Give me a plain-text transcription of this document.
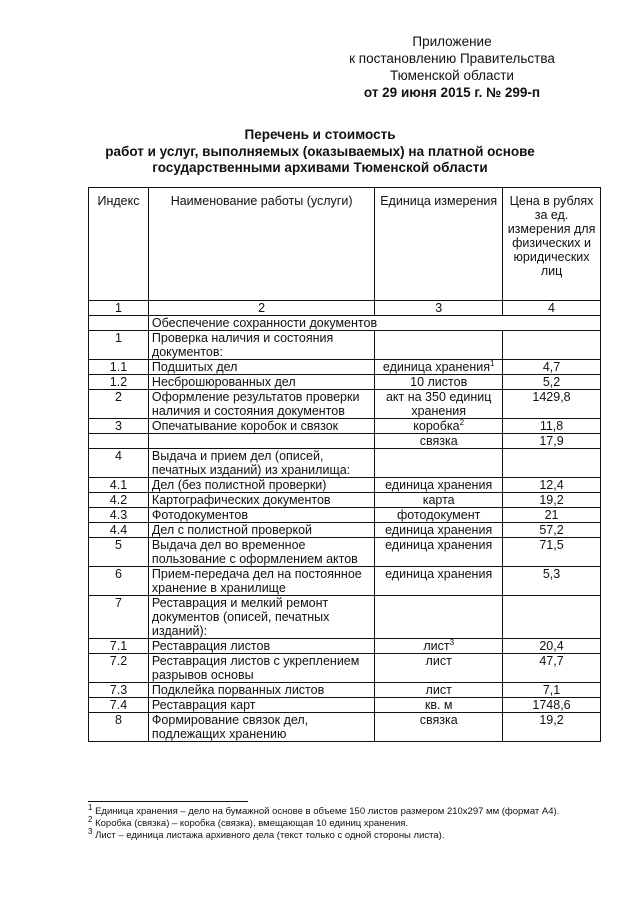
Приложение
к постановлению Правительства
Тюменской области
от 29 июня 2015 г. № 299-п
Перечень и стоимость
работ и услуг, выполняемых (оказываемых) на платной основе
государственными архивами Тюменской области
Индекс	Наименование работы (услуги)	Единица измерения	Цена в рублях за ед. измерения для физических и юридических лиц
1	2	3	4
	Обеспечение сохранности документов		
1	Проверка наличия и состояния документов:		
1.1	Подшитых дел	единица хранения$^1$	4,7
1.2	Несброшюрованных дел	10 листов	5,2
2	Оформление результатов проверки наличия и состояния документов	акт на 350 единиц хранения	1429,8
3	Опечатывание коробок и связок	коробка$^2$	11,8
		связка	17,9
4	Выдача и прием дел (описей, печатных изданий) из хранилища:		
4.1	Дел (без полистной проверки)	единица хранения	12,4
4.2	Картографических документов	карта	19,2
4.3	Фотодокументов	фотодокумент	21
4.4	Дел с полистной проверкой	единица хранения	57,2
5	Выдача дел во временное пользование с оформлением актов	единица хранения	71,5
6	Прием-передача дел на постоянное хранение в хранилище	единица хранения	5,3
7	Реставрация и мелкий ремонт документов (описей, печатных изданий):		
7.1	Реставрация листов	лист$^3$	20,4
7.2	Реставрация листов с укреплением разрывов основы	лист	47,7
7.3	Подклейка порванных листов	лист	7,1
7.4	Реставрация карт	кв. м	1748,6
8	Формирование связок дел, подлежащих хранению	связка	19,2

$^1$ Единица хранения – дело на бумажной основе в объеме 150 листов размером 210x297 мм (формат А4).

$^2$ Коробка (связка) – коробка (связка), вмещающая 10 единиц хранения.

$^3$ Лист – единица листажа архивного дела (текст только с одной стороны листа).
